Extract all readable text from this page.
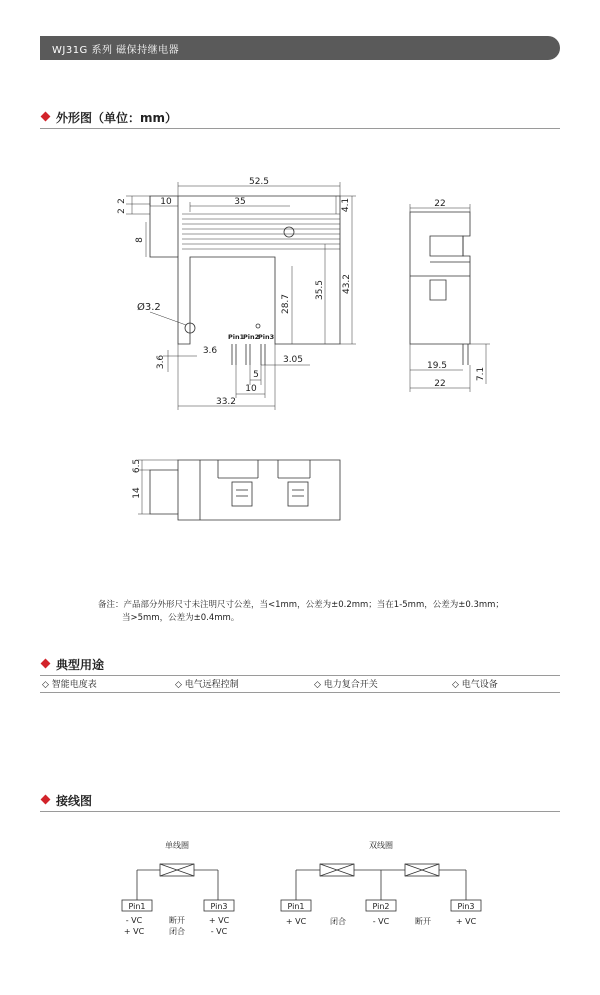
WJ31G 系列 磁保持继电器
外形图（单位：mm）
52.5
35
10	4.1
2
2
8
28.7
35.5 43.2
Ø3.2
3.6
3.6
3.05
5
10
33.2
22
19.5
22
7.1
6.5
14
Pin1
Pin2
Pin3
备注：产品部分外形尺寸未注明尺寸公差，当<1mm，公差为±0.2mm；当在1-5mm，公差为±0.3mm；
当>5mm，公差为±0.4mm。
典型用途
◇ 智能电度表	◇ 电气远程控制	◇ 电力复合开关	◇ 电气设备
接线图
单线圈
Pin1	Pin3
- VC
+ VC
断开
闭合
+ VC
- VC
双线圈
Pin1	Pin2	Pin3
+ VC	闭合	- VC	断开	+ VC
